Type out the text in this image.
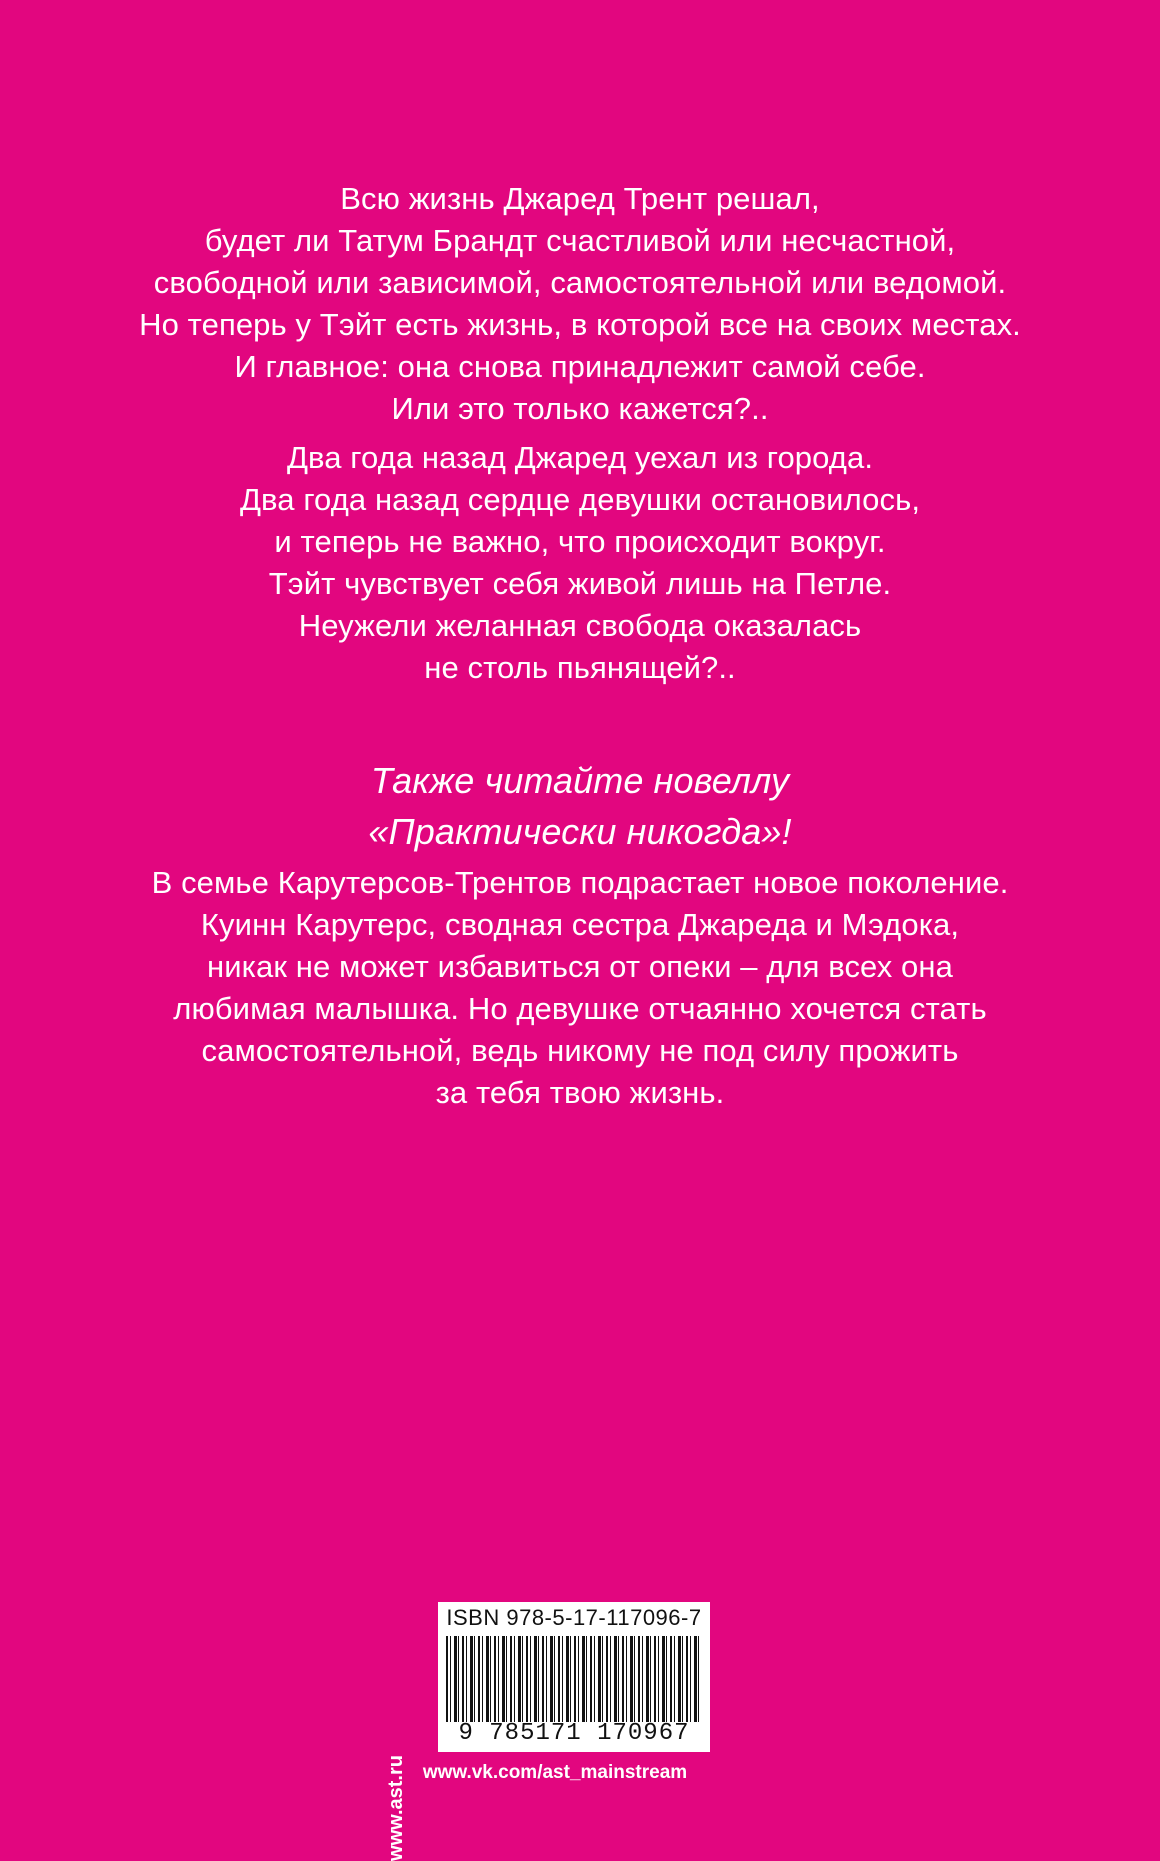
Всю жизнь Джаред Трент решал,
будет ли Татум Брандт счастливой или несчастной,
свободной или зависимой, самостоятельной или ведомой.
Но теперь у Тэйт есть жизнь, в которой все на своих местах.
И главное: она снова принадлежит самой себе.
Или это только кажется?..
Два года назад Джаред уехал из города.
Два года назад сердце девушки остановилось,
и теперь не важно, что происходит вокруг.
Тэйт чувствует себя живой лишь на Петле.
Неужели желанная свобода оказалась
не столь пьянящей?..
Также читайте новеллу
«Практически никогда»!
В семье Карутерсов-Трентов подрастает новое поколение.
Куинн Карутерс, сводная сестра Джареда и Мэдока,
никак не может избавиться от опеки – для всех она
любимая малышка. Но девушке отчаянно хочется стать
самостоятельной, ведь никому не под силу прожить
за тебя твою жизнь.
www.ast.ru
ISBN 978-5-17-117096-7
9 785171 170967
www.vk.com/ast_mainstream
